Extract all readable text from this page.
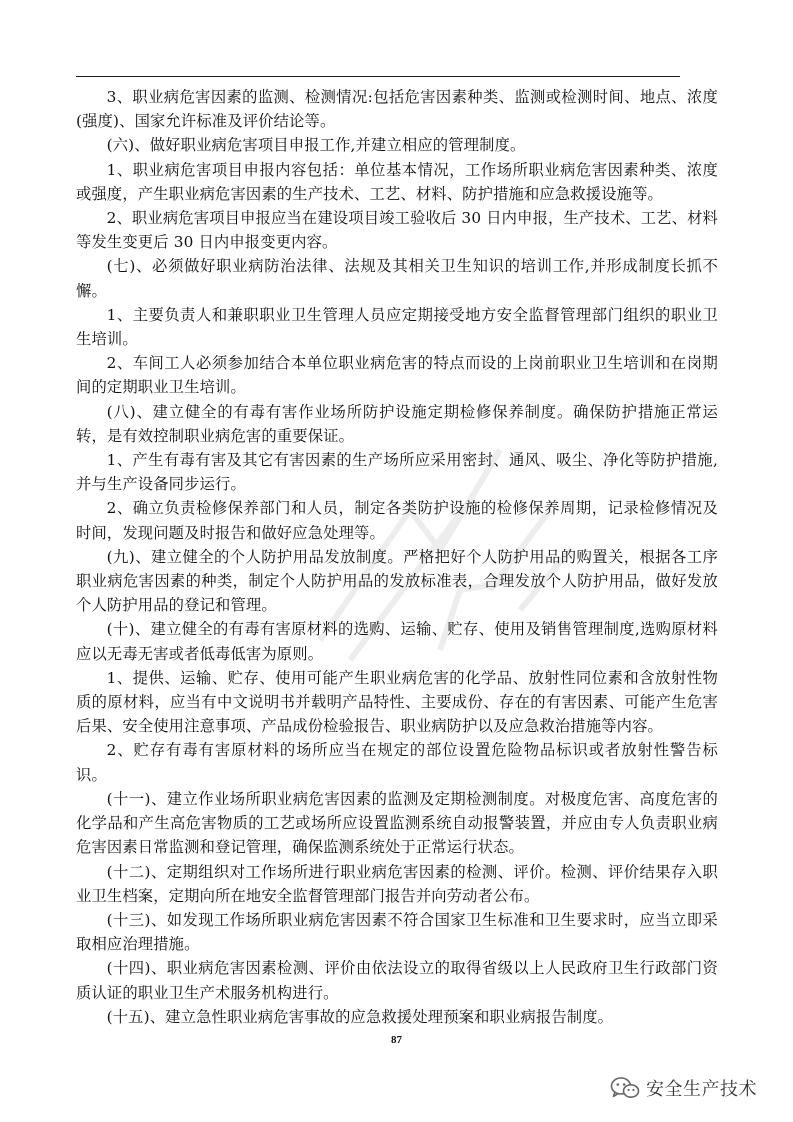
3、职业病危害因素的监测、检测情况:包括危害因素种类、监测或检测时间、地点、浓度(强度)、国家允许标准及评价结论等。

(六)、做好职业病危害项目申报工作,并建立相应的管理制度。

1、职业病危害项目申报内容包括：单位基本情况，工作场所职业病危害因素种类、浓度或强度，产生职业病危害因素的生产技术、工艺、材料、防护措施和应急救援设施等。

2、职业病危害项目申报应当在建设项目竣工验收后 30 日内申报，生产技术、工艺、材料等发生变更后 30 日内申报变更内容。

(七)、必须做好职业病防治法律、法规及其相关卫生知识的培训工作,并形成制度长抓不懈。

1、主要负责人和兼职职业卫生管理人员应定期接受地方安全监督管理部门组织的职业卫生培训。

2、车间工人必须参加结合本单位职业病危害的特点而设的上岗前职业卫生培训和在岗期间的定期职业卫生培训。

(八)、建立健全的有毒有害作业场所防护设施定期检修保养制度。确保防护措施正常运转，是有效控制职业病危害的重要保证。

1、产生有毒有害及其它有害因素的生产场所应采用密封、通风、吸尘、净化等防护措施,并与生产设备同步运行。

2、确立负责检修保养部门和人员，制定各类防护设施的检修保养周期，记录检修情况及时间，发现问题及时报告和做好应急处理等。

(九)、建立健全的个人防护用品发放制度。严格把好个人防护用品的购置关，根据各工序职业病危害因素的种类，制定个人防护用品的发放标准表，合理发放个人防护用品，做好发放个人防护用品的登记和管理。

(十)、建立健全的有毒有害原材料的选购、运输、贮存、使用及销售管理制度,选购原材料应以无毒无害或者低毒低害为原则。

1、提供、运输、贮存、使用可能产生职业病危害的化学品、放射性同位素和含放射性物质的原材料，应当有中文说明书并载明产品特性、主要成份、存在的有害因素、可能产生危害后果、安全使用注意事项、产品成份检验报告、职业病防护以及应急救治措施等内容。

2、贮存有毒有害原材料的场所应当在规定的部位设置危险物品标识或者放射性警告标识。

(十一)、建立作业场所职业病危害因素的监测及定期检测制度。对极度危害、高度危害的化学品和产生高危害物质的工艺或场所应设置监测系统自动报警装置，并应由专人负责职业病危害因素日常监测和登记管理，确保监测系统处于正常运行状态。

(十二)、定期组织对工作场所进行职业病危害因素的检测、评价。检测、评价结果存入职业卫生档案，定期向所在地安全监督管理部门报告并向劳动者公布。

(十三)、如发现工作场所职业病危害因素不符合国家卫生标准和卫生要求时，应当立即采取相应治理措施。

(十四)、职业病危害因素检测、评价由依法设立的取得省级以上人民政府卫生行政部门资质认证的职业卫生产术服务机构进行。

(十五)、建立急性职业病危害事故的应急救援处理预案和职业病报告制度。

87
安全生产技术
